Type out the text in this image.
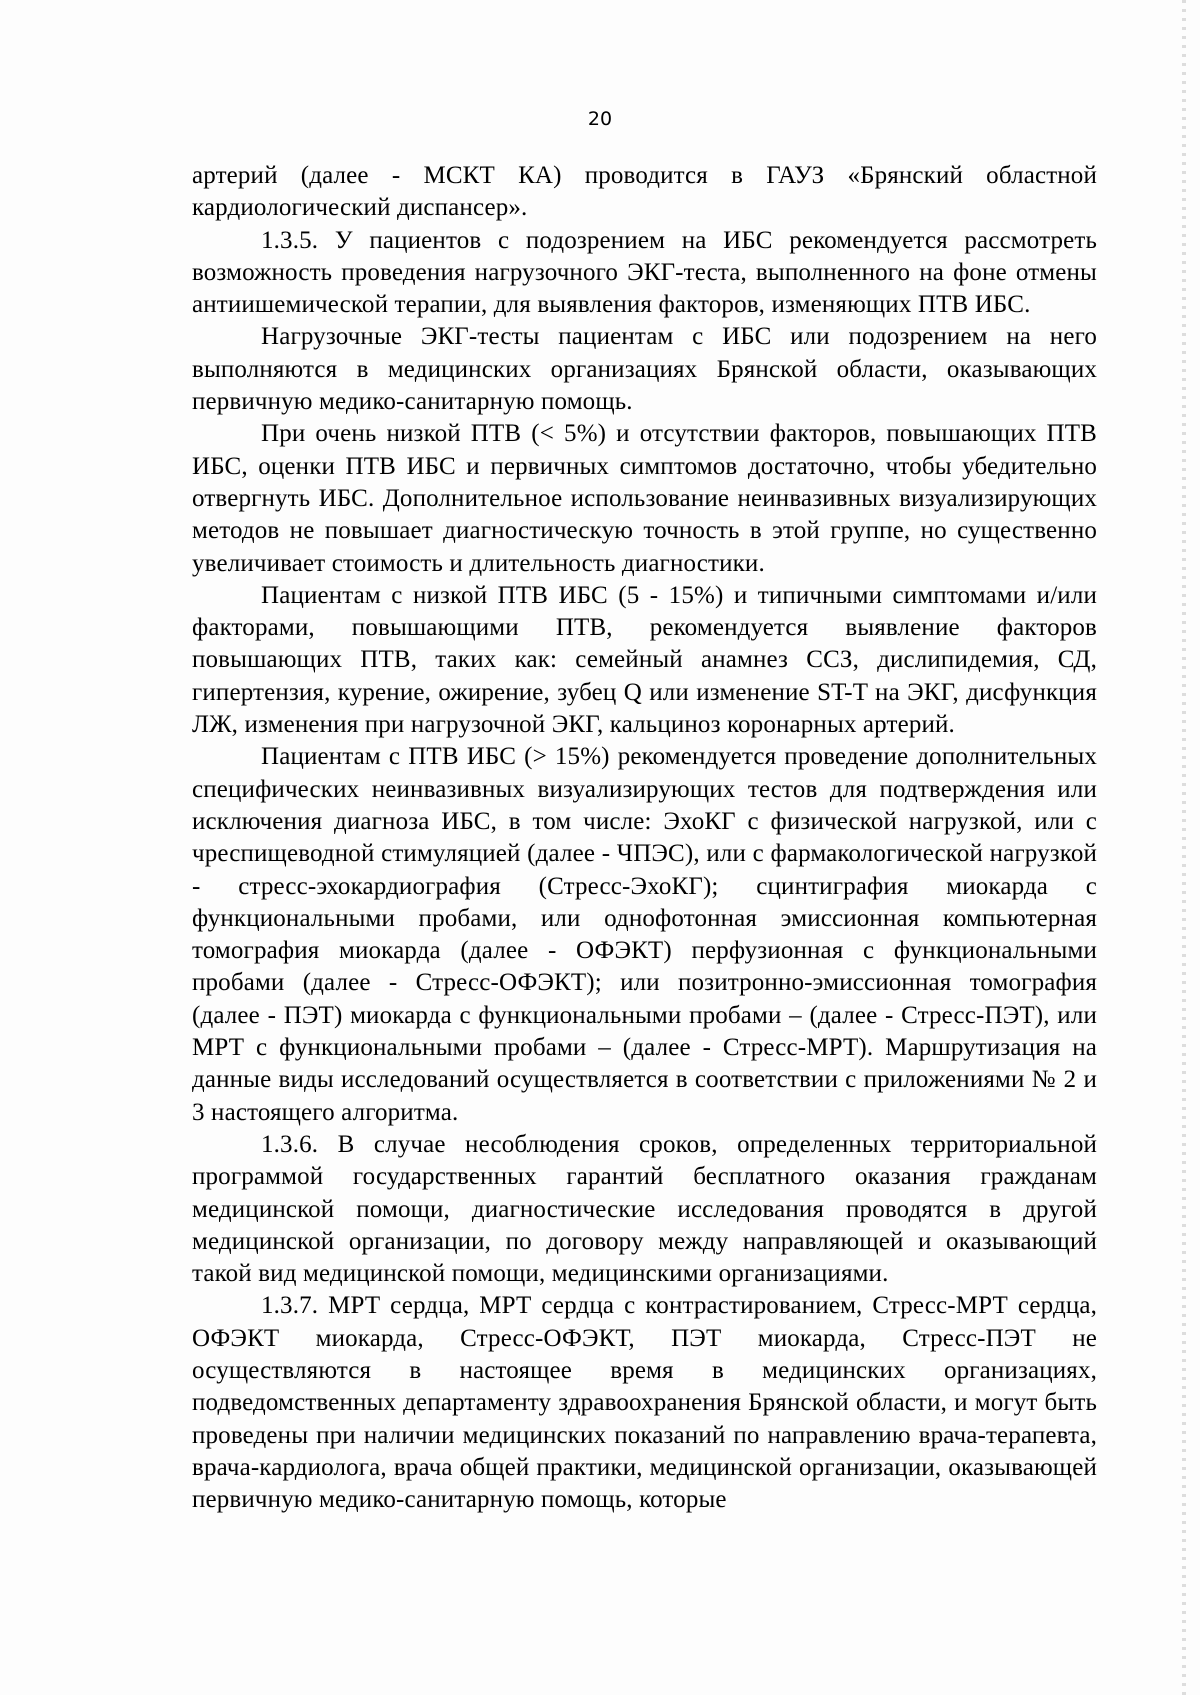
20

артерий (далее - МСКТ КА) проводится в ГАУЗ «Брянский областной кардиологический диспансер».

1.3.5. У пациентов с подозрением на ИБС рекомендуется рассмотреть возможность проведения нагрузочного ЭКГ-теста, выполненного на фоне отмены антиишемической терапии, для выявления факторов, изменяющих ПТВ ИБС.

Нагрузочные ЭКГ-тесты пациентам с ИБС или подозрением на него выполняются в медицинских организациях Брянской области, оказывающих первичную медико-санитарную помощь.

При очень низкой ПТВ (< 5%) и отсутствии факторов, повышающих ПТВ ИБС, оценки ПТВ ИБС и первичных симптомов достаточно, чтобы убедительно отвергнуть ИБС. Дополнительное использование неинвазивных визуализирующих методов не повышает диагностическую точность в этой группе, но существенно увеличивает стоимость и длительность диагностики.

Пациентам с низкой ПТВ ИБС (5 - 15%) и типичными симптомами и/или факторами, повышающими ПТВ, рекомендуется выявление факторов повышающих ПТВ, таких как: семейный анамнез ССЗ, дислипидемия, СД, гипертензия, курение, ожирение, зубец Q или изменение ST-T на ЭКГ, дисфункция ЛЖ, изменения при нагрузочной ЭКГ, кальциноз коронарных артерий.

Пациентам с ПТВ ИБС (> 15%) рекомендуется проведение дополнительных специфических неинвазивных визуализирующих тестов для подтверждения или исключения диагноза ИБС, в том числе: ЭхоКГ с физической нагрузкой, или с чреспищеводной стимуляцией (далее - ЧПЭС), или с фармакологической нагрузкой - стресс-эхокардиография (Стресс-ЭхоКГ); сцинтиграфия миокарда с функциональными пробами, или однофотонная эмиссионная компьютерная томография миокарда (далее - ОФЭКТ) перфузионная с функциональными пробами (далее - Стресс-ОФЭКТ); или позитронно-эмиссионная томография (далее - ПЭТ) миокарда с функциональными пробами – (далее - Стресс-ПЭТ), или МРТ с функциональными пробами – (далее - Стресс-МРТ). Маршрутизация на данные виды исследований осуществляется в соответствии с приложениями № 2 и 3 настоящего алгоритма.

1.3.6. В случае несоблюдения сроков, определенных территориальной программой государственных гарантий бесплатного оказания гражданам медицинской помощи, диагностические исследования проводятся в другой медицинской организации, по договору между направляющей и оказывающий такой вид медицинской помощи, медицинскими организациями.

1.3.7. МРТ сердца, МРТ сердца с контрастированием, Стресс-МРТ сердца, ОФЭКТ миокарда, Стресс-ОФЭКТ, ПЭТ миокарда, Стресс-ПЭТ не осуществляются в настоящее время в медицинских организациях, подведомственных департаменту здравоохранения Брянской области, и могут быть проведены при наличии медицинских показаний по направлению врача-терапевта, врача-кардиолога, врача общей практики, медицинской организации, оказывающей первичную медико-санитарную помощь, которые
